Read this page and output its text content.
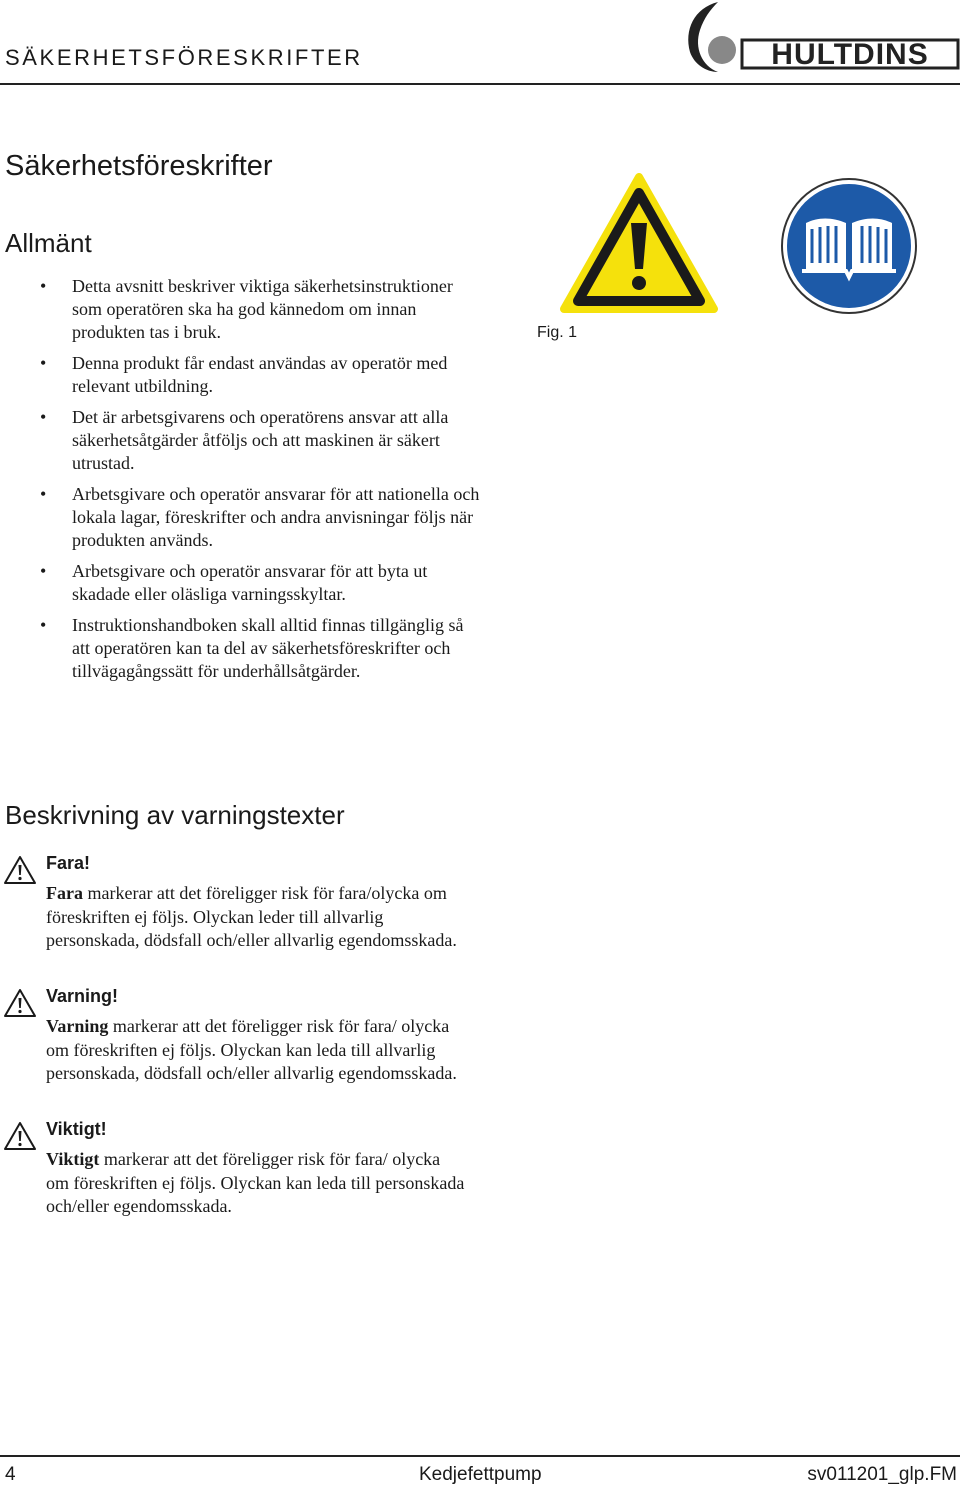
SÄKERHETSFÖRESKRIFTER	HULTDINS
Säkerhetsföreskrifter
Allmänt
• Detta avsnitt beskriver viktiga säkerhetsinstruktioner som operatören ska ha god kännedom om innan produkten tas i bruk.
• Denna produkt får endast användas av operatör med relevant utbildning.
• Det är arbetsgivarens och operatörens ansvar att alla säkerhetsåtgärder åtföljs och att maskinen är säkert utrustad.
• Arbetsgivare och operatör ansvarar för att nationella och lokala lagar, föreskrifter och andra anvisningar följs när produkten används.
• Arbetsgivare och operatör ansvarar för att byta ut skadade eller oläsliga varningsskyltar.
• Instruktionshandboken skall alltid finnas tillgänglig så att operatören kan ta del av säkerhetsföreskrifter och tillvägagångssätt för underhållsåtgärder.
Fig. 1
Beskrivning av varningstexter
Fara!

Fara markerar att det föreligger risk för fara/olycka om föreskriften ej följs. Olyckan leder till allvarlig personskada, dödsfall och/eller allvarlig egendomsskada.

Varning!

Varning markerar att det föreligger risk för fara/ olycka om föreskriften ej följs. Olyckan kan leda till allvarlig personskada, dödsfall och/eller allvarlig egendomsskada.

Viktigt!

Viktigt markerar att det föreligger risk för fara/ olycka om föreskriften ej följs. Olyckan kan leda till personskada och/eller egendomsskada.

4	Kedjefettpump	sv011201_glp.FM
